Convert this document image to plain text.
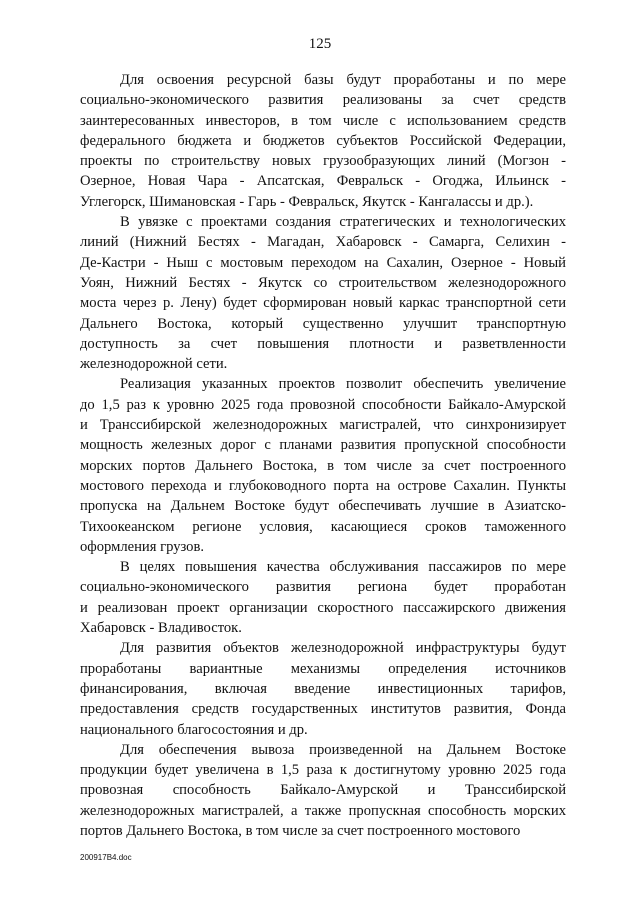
125
Для освоения ресурсной базы будут проработаны и по мере
социально-экономического развития реализованы за счет средств
заинтересованных инвесторов, в том числе с использованием средств
федерального бюджета и бюджетов субъектов Российской Федерации,
проекты по строительству новых грузообразующих линий (Могзон -
Озерное, Новая Чара - Апсатская, Февральск - Огоджа, Ильинск -
Углегорск, Шимановская - Гарь - Февральск, Якутск - Кангалассы и др.).
В увязке с проектами создания стратегических и технологических
линий (Нижний Бестях - Магадан, Хабаровск - Самарга, Селихин -
Де-Кастри - Ныш с мостовым переходом на Сахалин, Озерное - Новый
Уоян, Нижний Бестях - Якутск со строительством железнодорожного
моста через р. Лену) будет сформирован новый каркас транспортной сети
Дальнего Востока, который существенно улучшит транспортную
доступность за счет повышения плотности и разветвленности
железнодорожной сети.
Реализация указанных проектов позволит обеспечить увеличение
до 1,5 раз к уровню 2025 года провозной способности Байкало-Амурской
и Транссибирской железнодорожных магистралей, что синхронизирует
мощность железных дорог с планами развития пропускной способности
морских портов Дальнего Востока, в том числе за счет построенного
мостового перехода и глубоководного порта на острове Сахалин. Пункты
пропуска на Дальнем Востоке будут обеспечивать лучшие в Азиатско-
Тихоокеанском регионе условия, касающиеся сроков таможенного
оформления грузов.
В целях повышения качества обслуживания пассажиров по мере
социально-экономического развития региона будет проработан
и реализован проект организации скоростного пассажирского движения
Хабаровск - Владивосток.
Для развития объектов железнодорожной инфраструктуры будут
проработаны вариантные механизмы определения источников
финансирования, включая введение инвестиционных тарифов,
предоставления средств государственных институтов развития, Фонда
национального благосостояния и др.
Для обеспечения вывоза произведенной на Дальнем Востоке
продукции будет увеличена в 1,5 раза к достигнутому уровню 2025 года
провозная способность Байкало-Амурской и Транссибирской
железнодорожных магистралей, а также пропускная способность морских
портов Дальнего Востока, в том числе за счет построенного мостового
200917В4.doc
